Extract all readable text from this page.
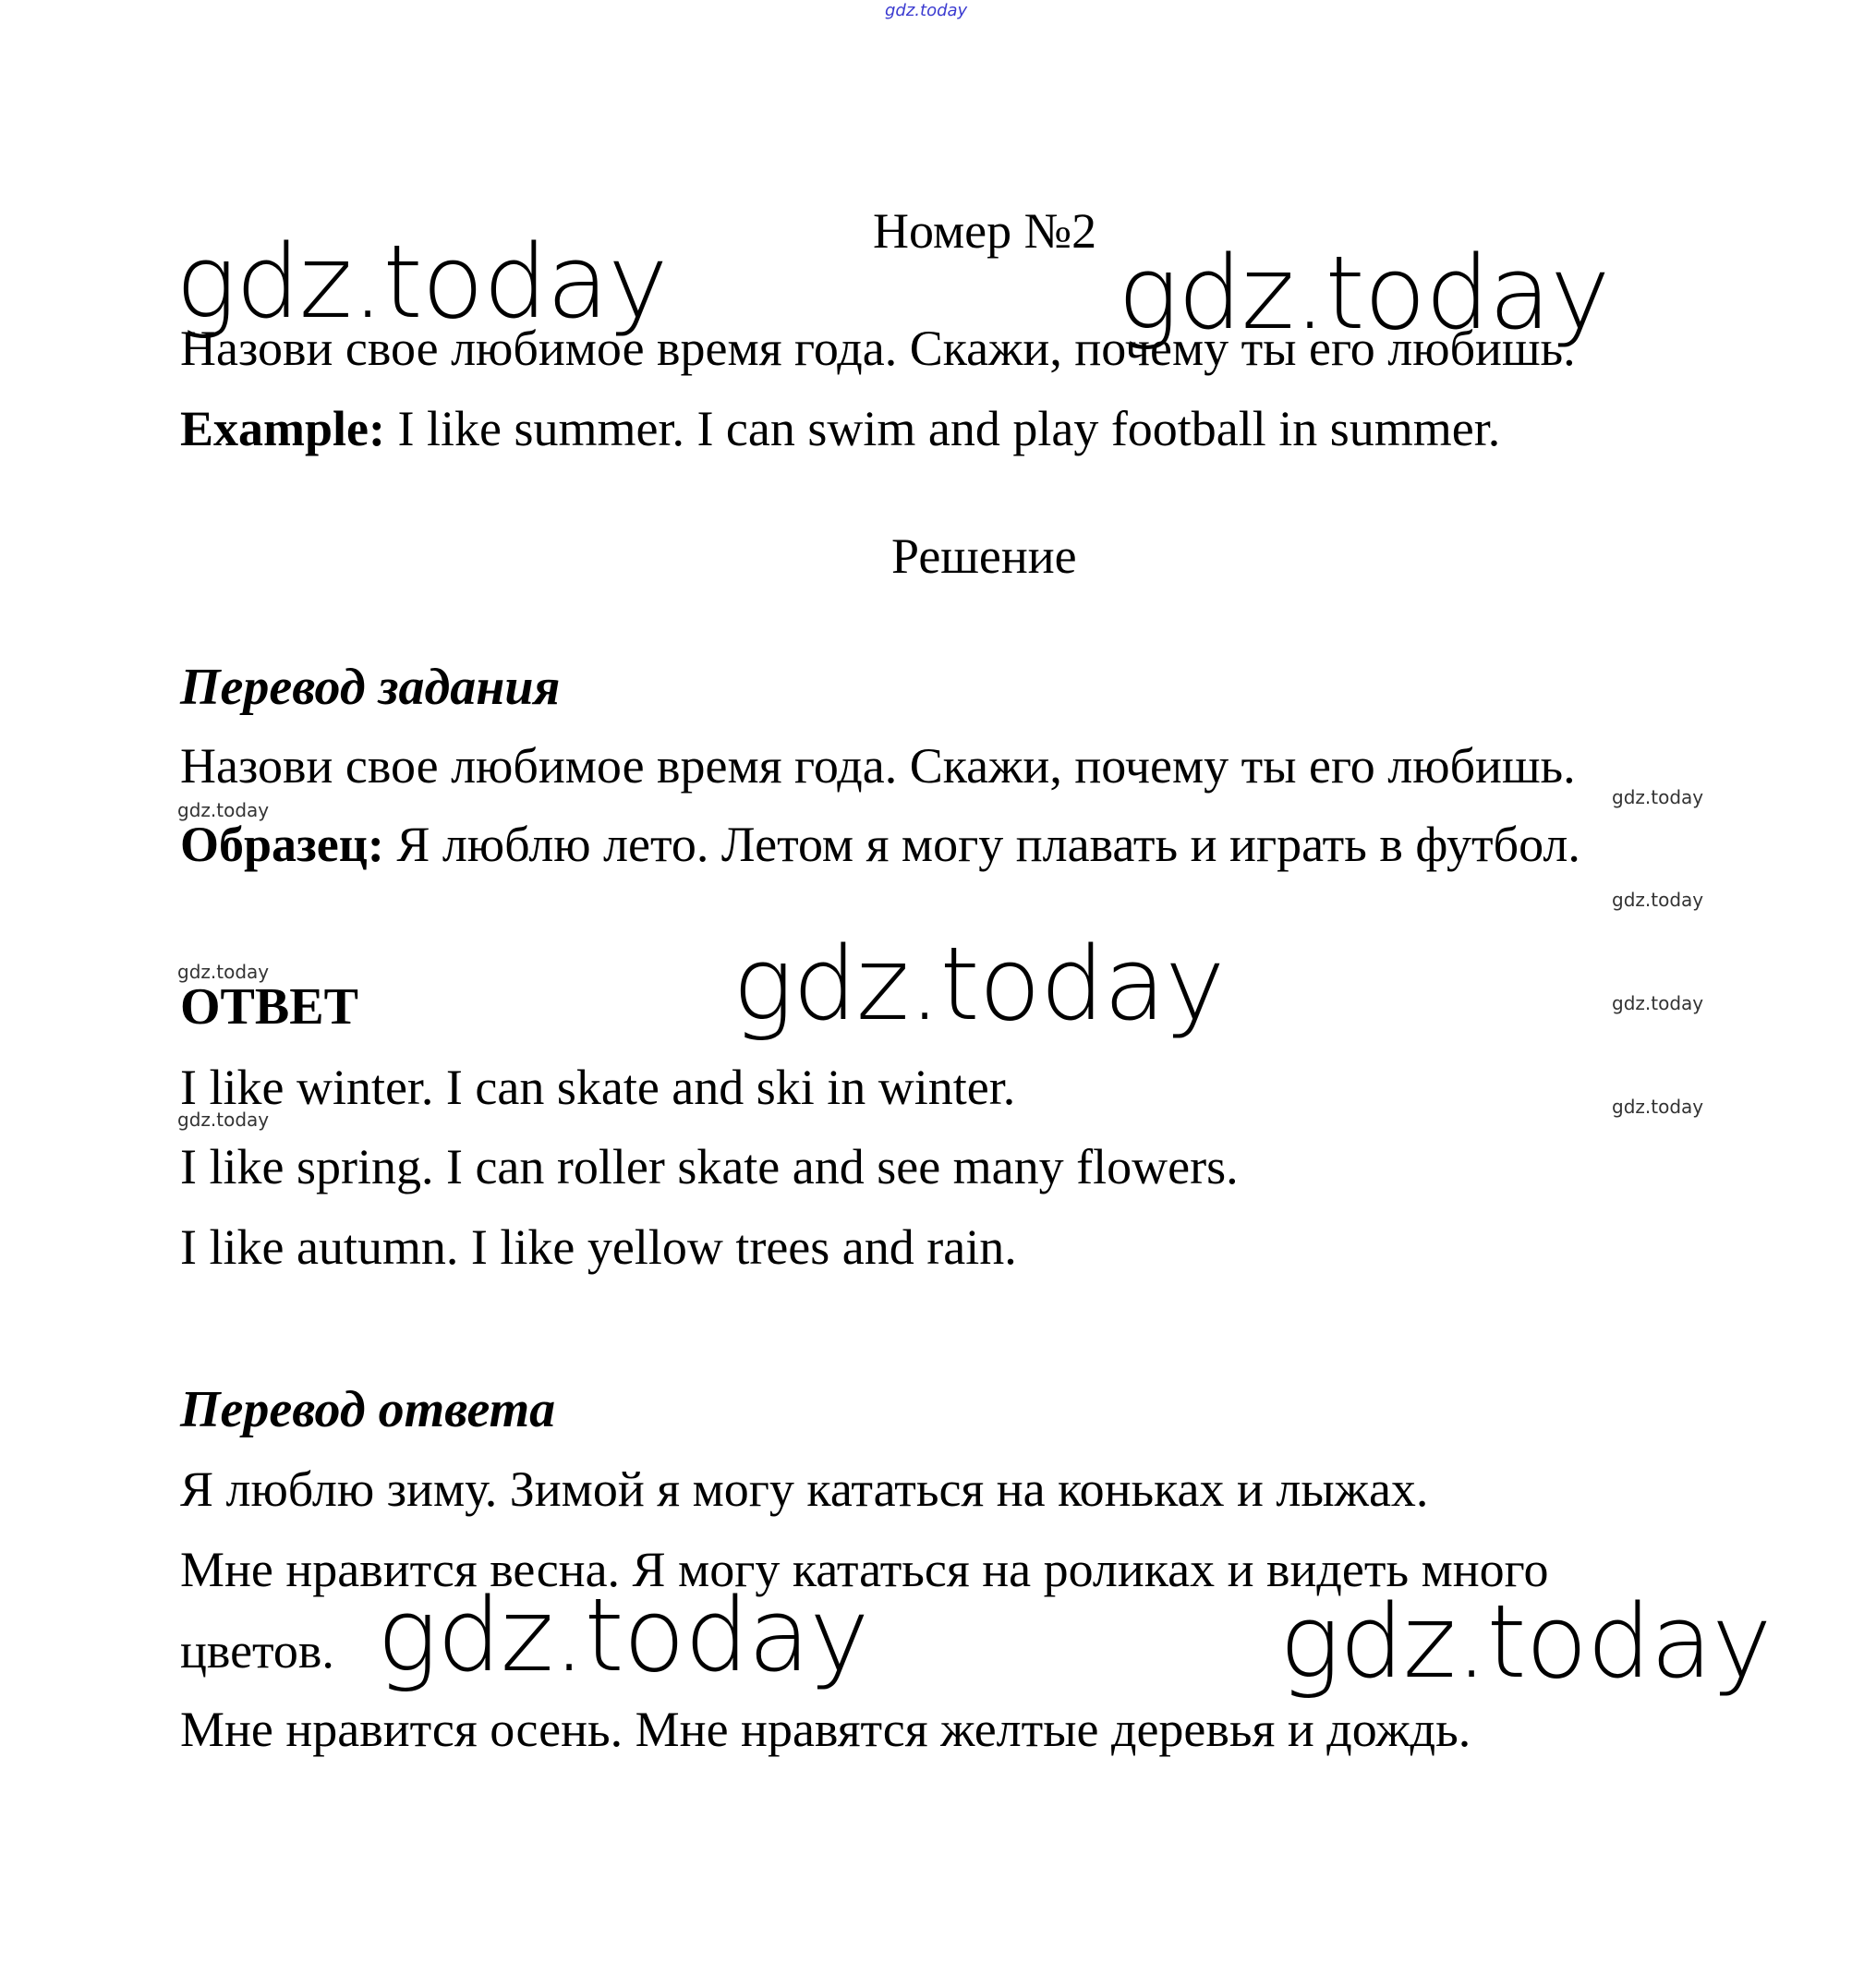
gdz.today
Номер №2
gdz.today	gdz.today
Назови свое любимое время года. Скажи, почему ты его любишь.
Example: I like summer. I can swim and play football in summer.
Решение
Перевод задания
Назови свое любимое время года. Скажи, почему ты его любишь.
gdz.today
gdz.today
Образец: Я люблю лето. Летом я могу плавать и играть в футбол.
gdz.today
gdz.today	gdz.today
ОТВЕТ	gdz.today
I like winter. I can skate and ski in winter.	gdz.today
gdz.today
I like spring. I can roller skate and see many flowers.
I like autumn. I like yellow trees and rain.
Перевод ответа
Я люблю зиму. Зимой я могу кататься на коньках и лыжах.
Мне нравится весна. Я могу кататься на роликах и видеть много
цветов. gdz.today	gdz.today
Мне нравится осень. Мне нравятся желтые деревья и дождь.
